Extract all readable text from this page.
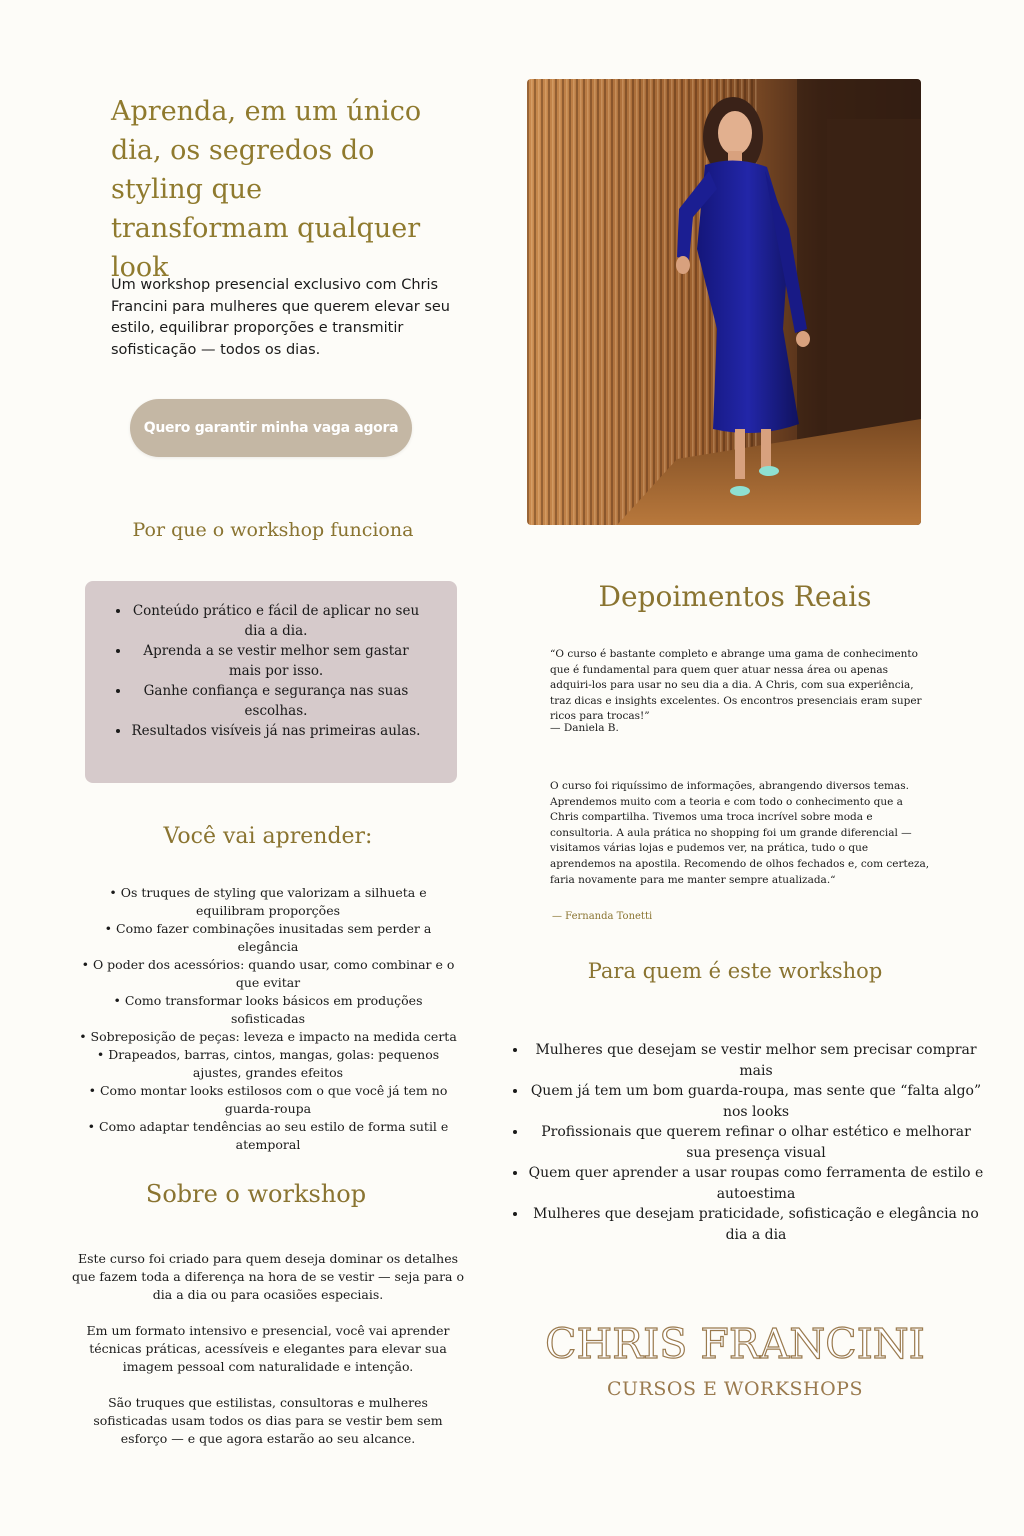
Aprenda, em um único dia, os segredos do styling que transformam qualquer look

Um workshop presencial exclusivo com Chris Francini para mulheres que querem elevar seu estilo, equilibrar proporções e transmitir sofisticação — todos os dias.

Quero garantir minha vaga agora
Por que o workshop funciona
• Conteúdo prático e fácil de aplicar no seu dia a dia.
• Aprenda a se vestir melhor sem gastar mais por isso.
• Ganhe confiança e segurança nas suas escolhas.
• Resultados visíveis já nas primeiras aulas.
Você vai aprender:
• Os truques de styling que valorizam a silhueta e equilibram proporções
• Como fazer combinações inusitadas sem perder a elegância
• O poder dos acessórios: quando usar, como combinar e o que evitar
• Como transformar looks básicos em produções sofisticadas
• Sobreposição de peças: leveza e impacto na medida certa
• Drapeados, barras, cintos, mangas, golas: pequenos ajustes, grandes efeitos
• Como montar looks estilosos com o que você já tem no guarda-roupa
• Como adaptar tendências ao seu estilo de forma sutil e atemporal
Sobre o workshop

Este curso foi criado para quem deseja dominar os detalhes que fazem toda a diferença na hora de se vestir — seja para o dia a dia ou para ocasiões especiais.

Em um formato intensivo e presencial, você vai aprender técnicas práticas, acessíveis e elegantes para elevar sua imagem pessoal com naturalidade e intenção.

São truques que estilistas, consultoras e mulheres sofisticadas usam todos os dias para se vestir bem sem esforço — e que agora estarão ao seu alcance.

Depoimentos Reais

“O curso é bastante completo e abrange uma gama de conhecimento que é fundamental para quem quer atuar nessa área ou apenas adquiri-los para usar no seu dia a dia. A Chris, com sua experiência, traz dicas e insights excelentes. Os encontros presenciais eram super ricos para trocas!”

— Daniela B.

O curso foi riquíssimo de informações, abrangendo diversos temas. Aprendemos muito com a teoria e com todo o conhecimento que a Chris compartilha. Tivemos uma troca incrível sobre moda e consultoria. A aula prática no shopping foi um grande diferencial — visitamos várias lojas e pudemos ver, na prática, tudo o que aprendemos na apostila. Recomendo de olhos fechados e, com certeza, faria novamente para me manter sempre atualizada.“

— Fernanda Tonetti
Para quem é este workshop
• Mulheres que desejam se vestir melhor sem precisar comprar mais
• Quem já tem um bom guarda-roupa, mas sente que “falta algo” nos looks
• Profissionais que querem refinar o olhar estético e melhorar sua presença visual
• Quem quer aprender a usar roupas como ferramenta de estilo e autoestima
• Mulheres que desejam praticidade, sofisticação e elegância no dia a dia
CHRIS FRANCINI
CURSOS E WORKSHOPS
